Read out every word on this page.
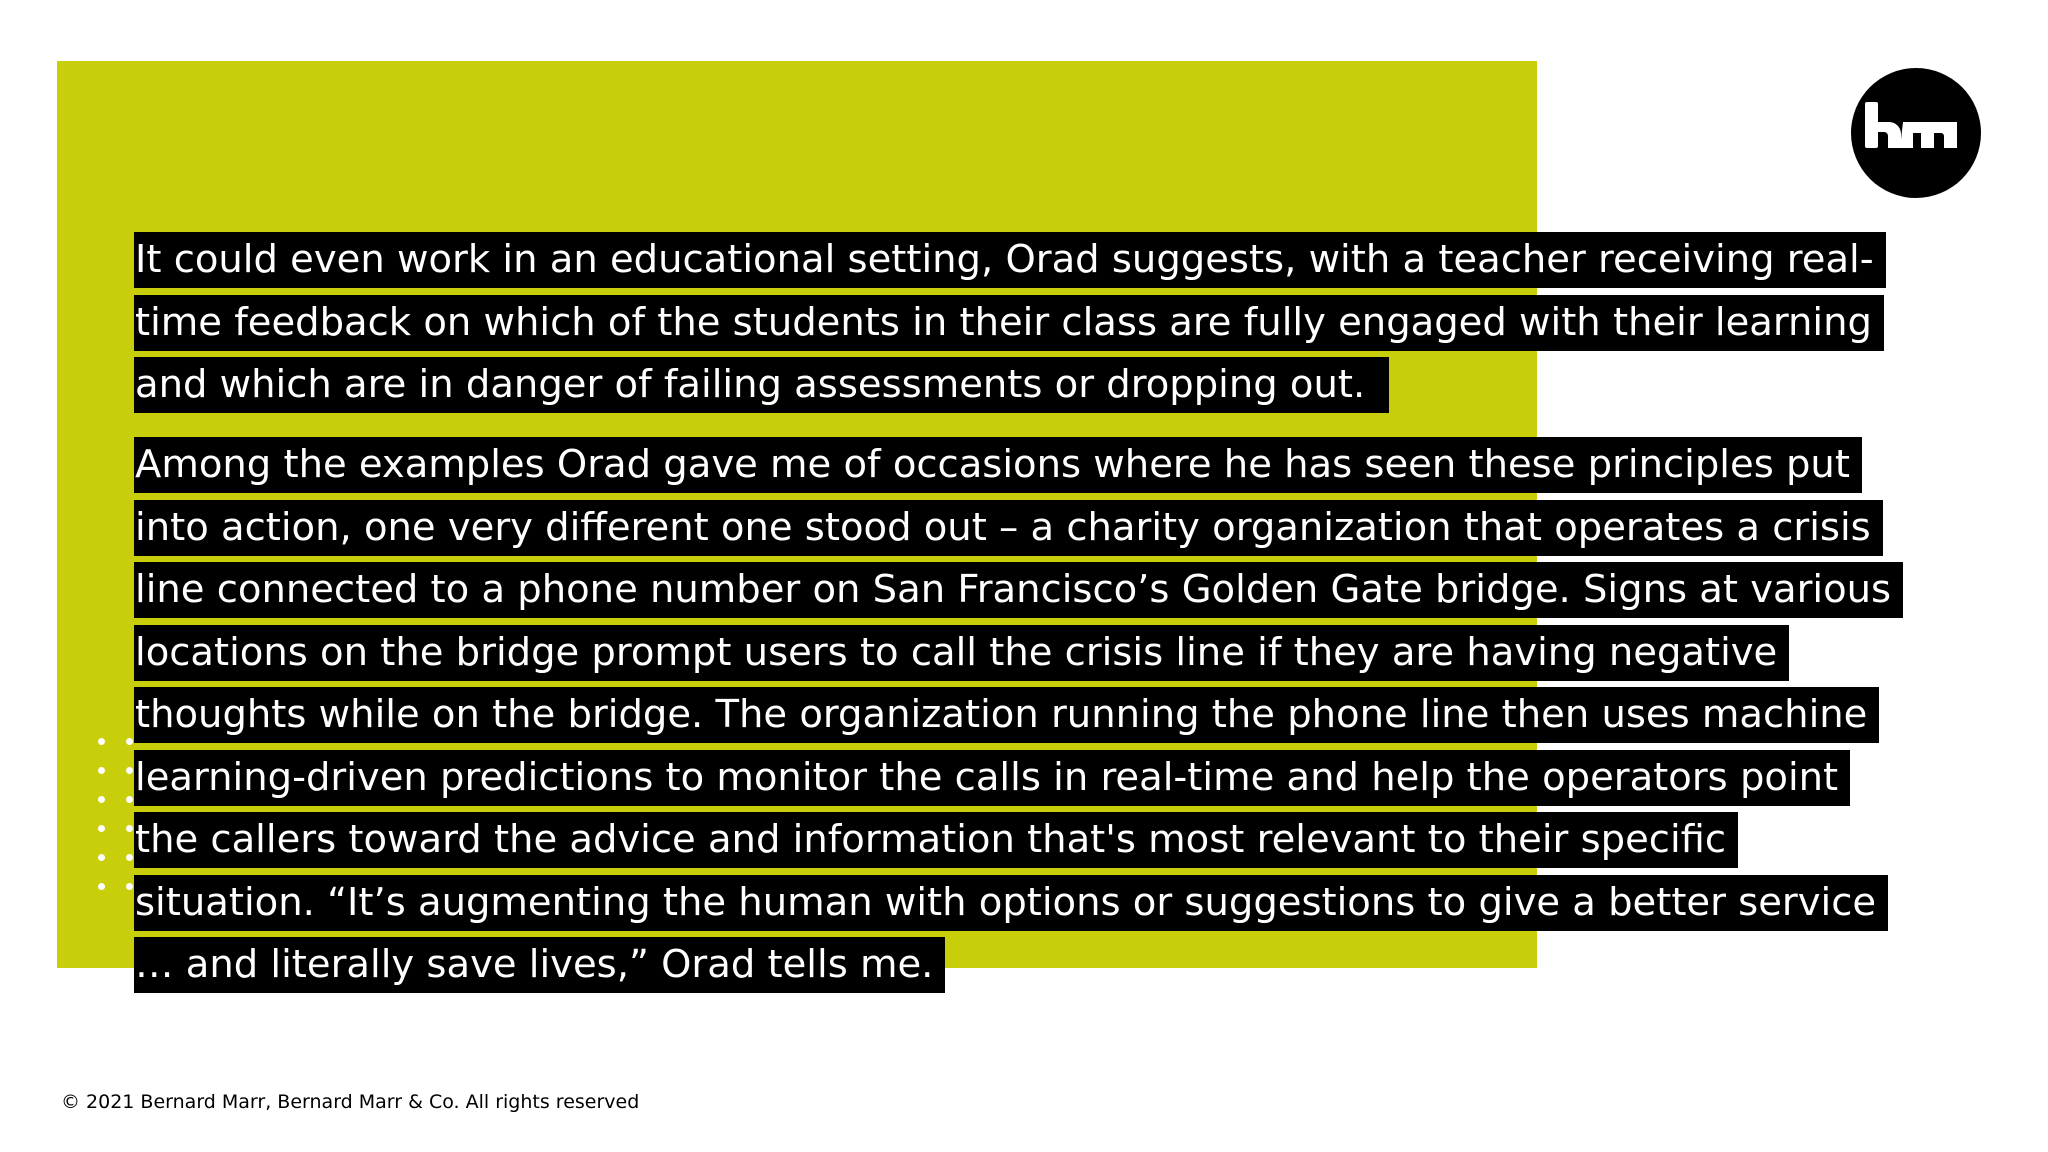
It could even work in an educational setting, Orad suggests, with a teacher receiving real-
time feedback on which of the students in their class are fully engaged with their learning
and which are in danger of failing assessments or dropping out.
Among the examples Orad gave me of occasions where he has seen these principles put
into action, one very different one stood out – a charity organization that operates a crisis
line connected to a phone number on San Francisco’s Golden Gate bridge. Signs at various
locations on the bridge prompt users to call the crisis line if they are having negative
thoughts while on the bridge. The organization running the phone line then uses machine
learning-driven predictions to monitor the calls in real-time and help the operators point
the callers toward the advice and information that's most relevant to their specific
situation. “It’s augmenting the human with options or suggestions to give a better service
… and literally save lives,” Orad tells me.
© 2021 Bernard Marr, Bernard Marr & Co. All rights reserved
